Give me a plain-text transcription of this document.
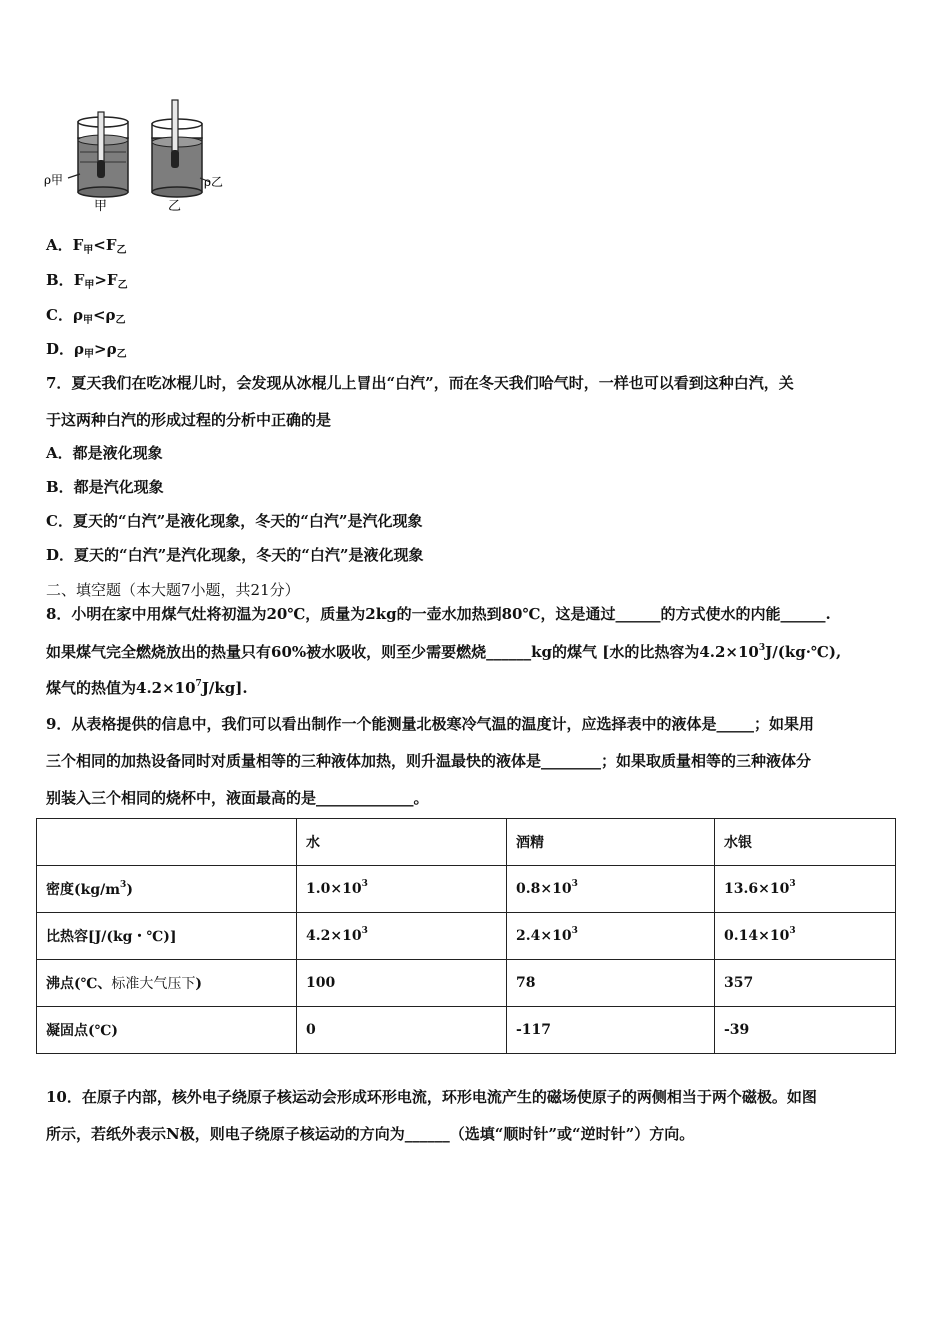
ρ甲	ρ乙
甲	乙
A．$F_甲<F_乙$
B．$F_甲>F_乙$
C．$\rho_甲<\rho_乙$
D．$\rho_甲>\rho_乙$
7．夏天我们在吃冰棍儿时，会发现从冰棍儿上冒出“白汽”，而在冬天我们哈气时，一样也可以看到这种白汽，关
于这两种白汽的形成过程的分析中正确的是
A．都是液化现象
B．都是汽化现象
C．夏天的“白汽”是液化现象，冬天的“白汽”是汽化现象
D．夏天的“白汽”是汽化现象，冬天的“白汽”是液化现象
二、填空题（本大题7小题，共21分）
8．小明在家中用煤气灶将初温为20℃，质量为2kg的一壶水加热到80℃，这是通过______的方式使水的内能______.
如果煤气完全燃烧放出的热量只有60%被水吸收，则至少需要燃烧______kg的煤气 [水的比热容为$4.2\times 10^3J/(kg\cdot℃)$,
煤气的热值为$4.2\times 10^7J/kg$].
9．从表格提供的信息中，我们可以看出制作一个能测量北极寒冷气温的温度计，应选择表中的液体是_____；如果用
三个相同的加热设备同时对质量相等的三种液体加热，则升温最快的液体是________；如果取质量相等的三种液体分
别装入三个相同的烧杯中，液面最高的是_____________。
	水	酒精	水银
密度$(kg/m^3)$	$1.0\times 10^3$	$0.8\times 10^3$	$13.6\times 10^3$
比热容[J/(kg・℃)]	$4.2\times 10^3$	$2.4\times 10^3$	$0.14\times 10^3$
沸点(℃、标准大气压下)	100	78	357
凝固点(℃)	0	-117	-39
10．在原子内部，核外电子绕原子核运动会形成环形电流，环形电流产生的磁场使原子的两侧相当于两个磁极。如图
所示，若纸外表示N极，则电子绕原子核运动的方向为______（选填“顺时针”或“逆时针”）方向。
